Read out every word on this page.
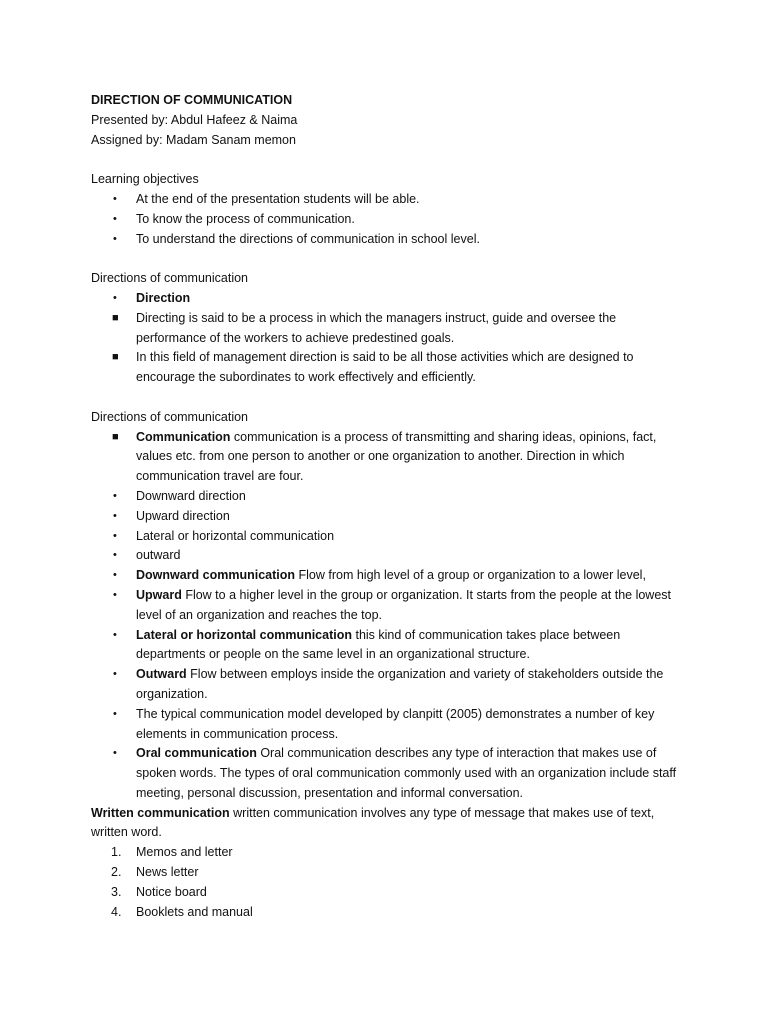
DIRECTION OF COMMUNICATION

Presented by: Abdul Hafeez & Naima

Assigned by: Madam Sanam memon

Learning objectives

•	At the end of the presentation students will be able.
•	To know the process of communication.
•	To understand the directions of communication in school level.

Directions of communication

•	Direction
■	Directing is said to be a process in which the managers instruct, guide and oversee the performance of the workers to achieve predestined goals.
■	In this field of management direction is said to be all those activities which are designed to encourage the subordinates to work effectively and efficiently.

Directions of communication

■	Communication communication is a process of transmitting and sharing ideas, opinions, fact, values etc. from one person to another or one organization to another. Direction in which communication travel are four.
•	Downward direction
•	Upward direction
•	Lateral or horizontal communication
•	outward
•	Downward communication Flow from high level of a group or organization to a lower level,
•	Upward Flow to a higher level in the group or organization. It starts from the people at the lowest level of an organization and reaches the top.
•	Lateral or horizontal communication this kind of communication takes place between departments or people on the same level in an organizational structure.
•	Outward Flow between employs inside the organization and variety of stakeholders outside the organization.
•	The typical communication model developed by clanpitt (2005) demonstrates a number of key elements in communication process.
•	Oral communication Oral communication describes any type of interaction that makes use of spoken words. The types of oral communication commonly used with an organization include staff meeting, personal discussion, presentation and informal conversation.

Written communication written communication involves any type of message that makes use of text, written word.

1.	Memos and letter
2.	News letter
3.	Notice board
4.	Booklets and manual
